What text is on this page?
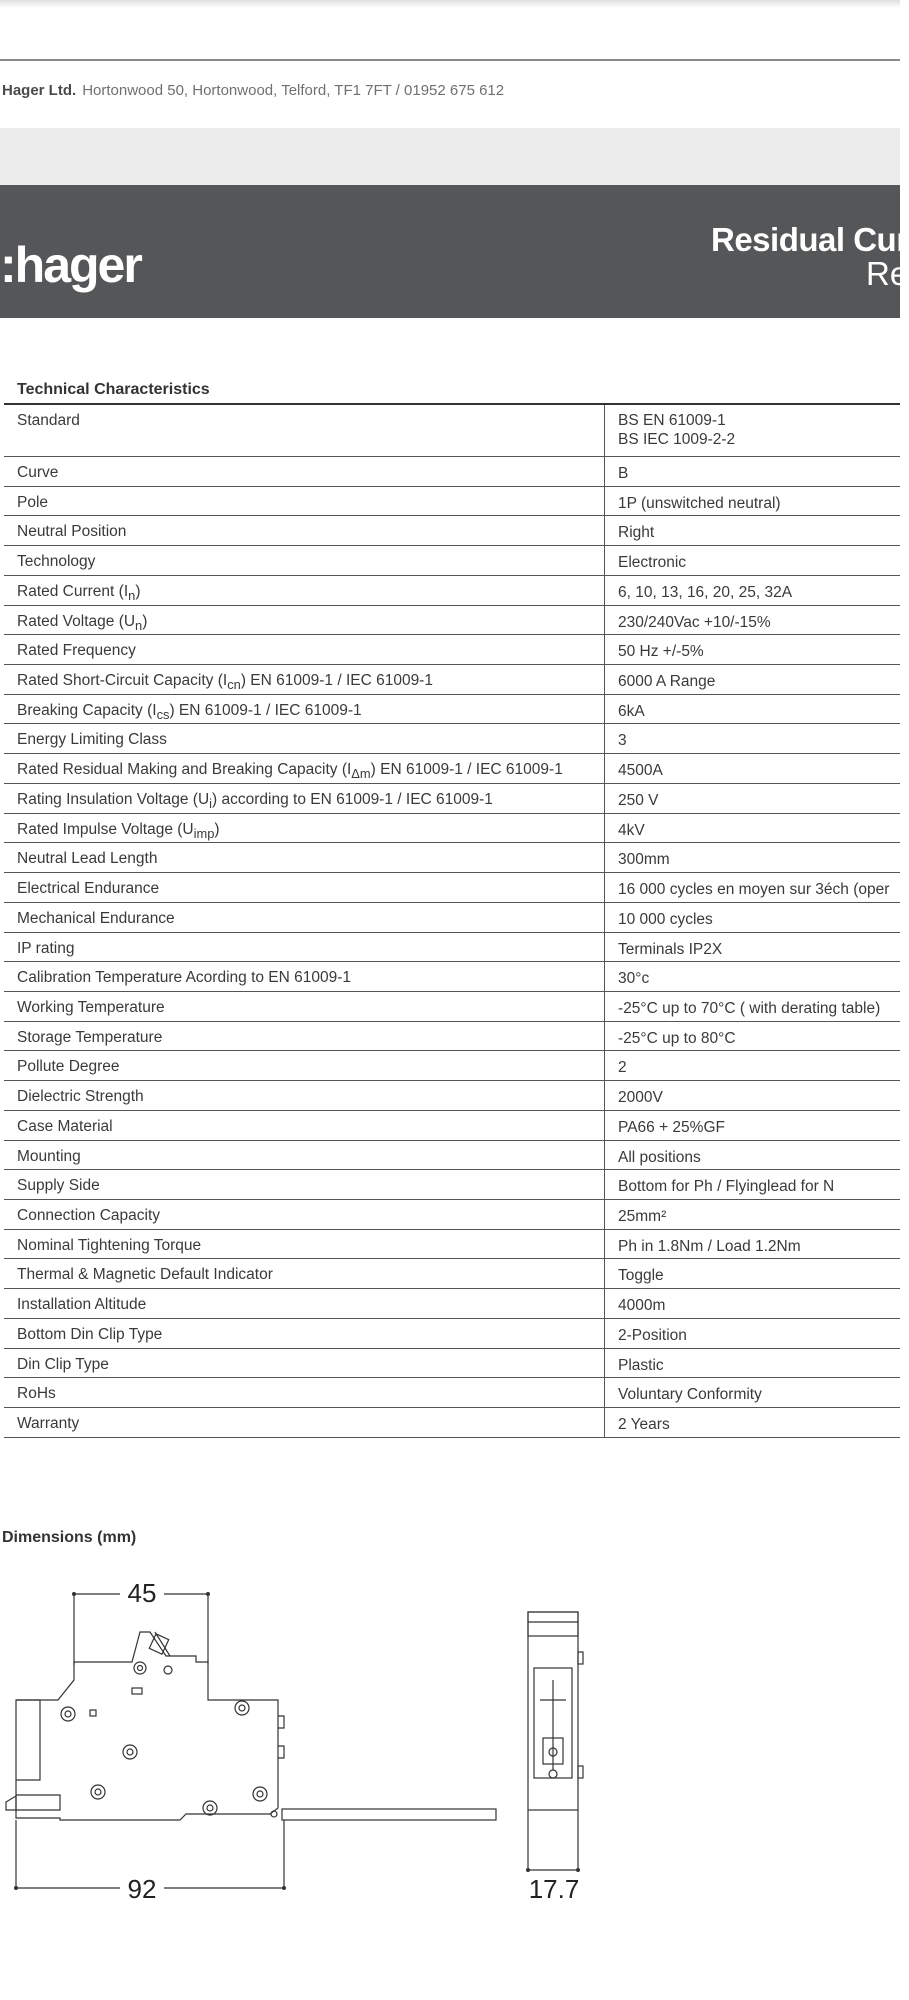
Hager Ltd. Hortonwood 50, Hortonwood, Telford, TF1 7FT / 01952 675 612
:hager	Residual Cur
Re
Technical Characteristics
Standard	BS EN 61009-1
BS IEC 1009-2-2
Curve	B
Pole	1P (unswitched neutral)
Neutral Position	Right
Technology	Electronic
Rated Current $(I_n)$	6, 10, 13, 16, 20, 25, 32A
Rated Voltage $(U_n)$	230/240Vac +10/-15%
Rated Frequency	50 Hz +/-5%
Rated Short-Circuit Capacity $(I_{cn})$ EN 61009-1 / IEC 61009-1	6000 A Range
Breaking Capacity $(I_{cs})$ EN 61009-1 / IEC 61009-1	6kA
Energy Limiting Class	3
Rated Residual Making and Breaking Capacity $(I_{\Delta m})$ EN 61009-1 / IEC 61009-1	4500A
Rating Insulation Voltage $(U_i)$ according to EN 61009-1 / IEC 61009-1	250 V
Rated Impulse Voltage $(U_{imp})$	4kV
Neutral Lead Length	300mm
Electrical Endurance	16 000 cycles en moyen sur 3éch (oper
Mechanical Endurance	10 000 cycles
IP rating	Terminals IP2X
Calibration Temperature Acording to EN 61009-1	30°c
Working Temperature	-25°C up to 70°C ( with derating table)
Storage Temperature	-25°C up to 80°C
Pollute Degree	2
Dielectric Strength	2000V
Case Material	PA66 + 25%GF
Mounting	All positions
Supply Side	Bottom for Ph / Flyinglead for N
Connection Capacity	25mm²
Nominal Tightening Torque	Ph in 1.8Nm / Load 1.2Nm
Thermal & Magnetic Default Indicator	Toggle
Installation Altitude	4000m
Bottom Din Clip Type	2-Position
Din Clip Type	Plastic
RoHs	Voluntary Conformity
Warranty	2 Years
Dimensions (mm)
45
92	17.7
